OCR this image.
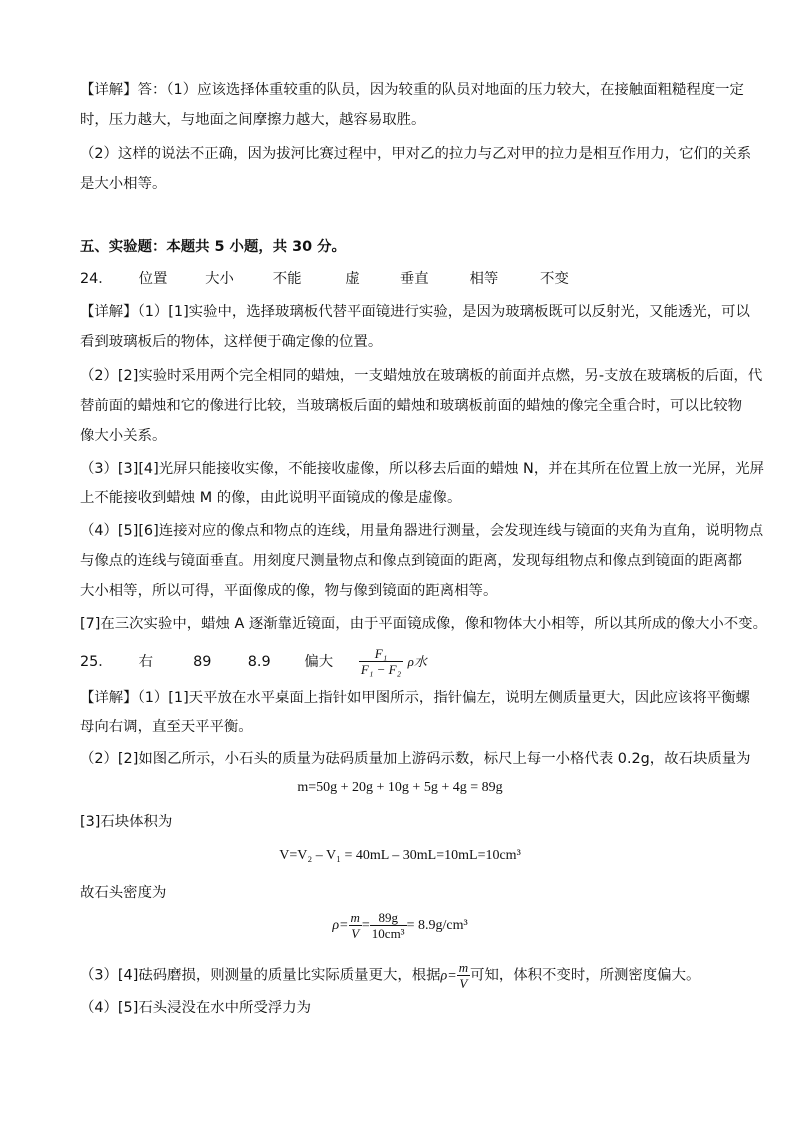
【详解】答：（1）应该选择体重较重的队员，因为较重的队员对地面的压力较大，在接触面粗糙程度一定
时，压力越大，与地面之间摩擦力越大，越容易取胜。
（2）这样的说法不正确，因为拔河比赛过程中，甲对乙的拉力与乙对甲的拉力是相互作用力，它们的关系
是大小相等。
五、实验题：本题共 5 小题，共 30 分。
24． 位置	大小	不能	虚	垂直	相等	不变
【详解】（1）[1]实验中，选择玻璃板代替平面镜进行实验，是因为玻璃板既可以反射光，又能透光，可以
看到玻璃板后的物体，这样便于确定像的位置。
（2）[2]实验时采用两个完全相同的蜡烛，一支蜡烛放在玻璃板的前面并点燃，另-支放在玻璃板的后面，代
替前面的蜡烛和它的像进行比较，当玻璃板后面的蜡烛和玻璃板前面的蜡烛的像完全重合时，可以比较物
像大小关系。
（3）[3][4]光屏只能接收实像，不能接收虚像，所以移去后面的蜡烛 N，并在其所在位置上放一光屏，光屏
上不能接收到蜡烛 M 的像，由此说明平面镜成的像是虚像。
（4）[5][6]连接对应的像点和物点的连线，用量角器进行测量，会发现连线与镜面的夹角为直角，说明物点
与像点的连线与镜面垂直。用刻度尺测量物点和像点到镜面的距离，发现每组物点和像点到镜面的距离都
大小相等，所以可得，平面像成的像，物与像到镜面的距离相等。
[7]在三次实验中，蜡烛 A 逐渐靠近镜面，由于平面镜成像，像和物体大小相等，所以其所成的像大小不变。
25． 右	89	8.9 偏大 $\frac{\text{F₁}}{\text{F₁ − F₂}}$ ρ水
【详解】（1）[1]天平放在水平桌面上指针如甲图所示，指针偏左，说明左侧质量更大，因此应该将平衡螺
母向右调，直至天平平衡。
（2）[2]如图乙所示，小石头的质量为砝码质量加上游码示数，标尺上每一小格代表 0.2g，故石块质量为
m=50g + 20g + 10g + 5g + 4g = 89g
[3]石块体积为
V=V₂ – V₁ = 40mL – 30mL=10mL=10cm³
故石头密度为
$\rho= \frac{m}{V} = \frac{89g}{\text{10cm³}} = 8.9g/cm^3$
（3）[4]砝码磨损，则测量的质量比实际质量更大，根据$\rho= \frac{m}{V}$ 可知，体积不变时，所测密度偏大。
（4）[5]石头浸没在水中所受浮力为
